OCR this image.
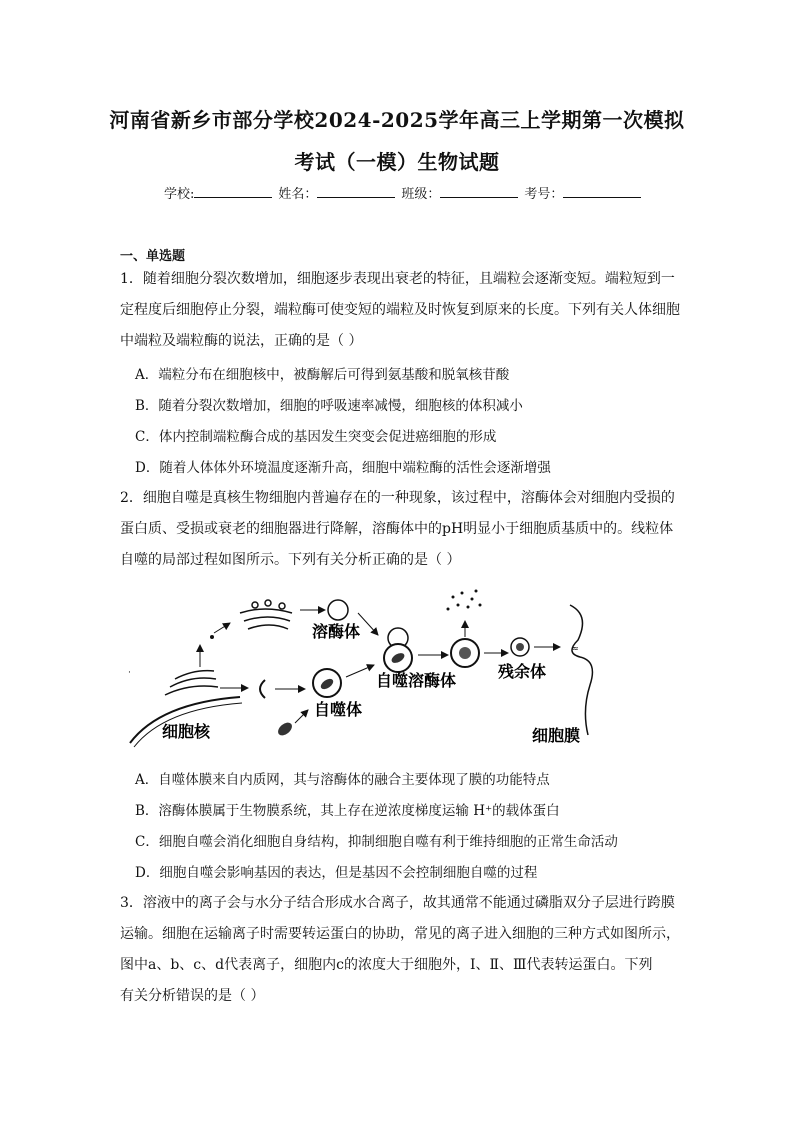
河南省新乡市部分学校2024-2025学年高三上学期第一次模拟
考试（一模）生物试题
学校:	姓名：	班级：	考号：
一、单选题
1．随着细胞分裂次数增加，细胞逐步表现出衰老的特征，且端粒会逐渐变短。端粒短到一
定程度后细胞停止分裂，端粒酶可使变短的端粒及时恢复到原来的长度。下列有关人体细胞
中端粒及端粒酶的说法，正确的是（ ）
A．端粒分布在细胞核中，被酶解后可得到氨基酸和脱氧核苷酸
B．随着分裂次数增加，细胞的呼吸速率减慢，细胞核的体积减小
C．体内控制端粒酶合成的基因发生突变会促进癌细胞的形成
D．随着人体体外环境温度逐渐升高，细胞中端粒酶的活性会逐渐增强
2．细胞自噬是真核生物细胞内普遍存在的一种现象，该过程中，溶酶体会对细胞内受损的
蛋白质、受损或衰老的细胞器进行降解，溶酶体中的pH明显小于细胞质基质中的。线粒体
自噬的局部过程如图所示。下列有关分析正确的是（ ）
·
溶酶体
自噬体
自噬溶酶体	残余体
≈
细胞膜
细胞核
A．自噬体膜来自内质网，其与溶酶体的融合主要体现了膜的功能特点
B．溶酶体膜属于生物膜系统，其上存在逆浓度梯度运输 H⁺的载体蛋白
C．细胞自噬会消化细胞自身结构，抑制细胞自噬有利于维持细胞的正常生命活动
D．细胞自噬会影响基因的表达，但是基因不会控制细胞自噬的过程
3．溶液中的离子会与水分子结合形成水合离子，故其通常不能通过磷脂双分子层进行跨膜
运输。细胞在运输离子时需要转运蛋白的协助，常见的离子进入细胞的三种方式如图所示，
图中a、b、c、d代表离子，细胞内c的浓度大于细胞外，Ⅰ、Ⅱ、Ⅲ代表转运蛋白。下列
有关分析错误的是（ ）
